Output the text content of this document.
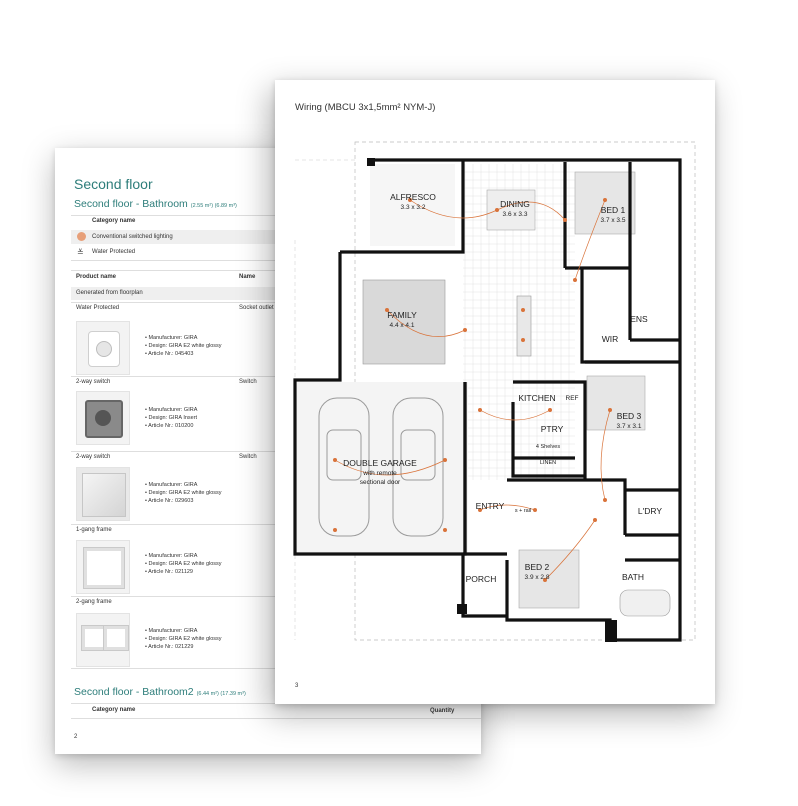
Second floor
Second floor - Bathroom (2.55 m²) (6.89 m³)
Category name
Conventional switched lighting
≚ Water Protected
Product name	Name
Generated from floorplan
Water Protected	Socket outlet
• Manufacturer: GIRA
• Design: GIRA E2 white glossy
• Article Nr.: 045403
2-way switch	Switch
• Manufacturer: GIRA
• Design: GIRA Insert
• Article Nr.: 010200
2-way switch	Switch
• Manufacturer: GIRA
• Design: GIRA E2 white glossy
• Article Nr.: 029603
1-gang frame
• Manufacturer: GIRA
• Design: GIRA E2 white glossy
• Article Nr.: 021129
2-gang frame
• Manufacturer: GIRA
• Design: GIRA E2 white glossy
• Article Nr.: 021229
Second floor - Bathroom2 (6.44 m²) (17.39 m³)
Category name
2
Wiring (MBCU 3x1,5mm² NYM-J)
Quantity
ALFRESCO
3.3 x 3.2	DINING
3.6 x 3.3	BED 1
3.7 x 3.5
FAMILY
4.4 x 4.1
ENS
WIR
KITCHEN REF
BED 3
3.7 x 3.1
PTRY
4 Shelves
LINEN
DOUBLE GARAGE
with remote
sectional door
ENTRY	L'DRY
BED 2
3.9 x 2.8
PORCH	BATH
s + rail
3
